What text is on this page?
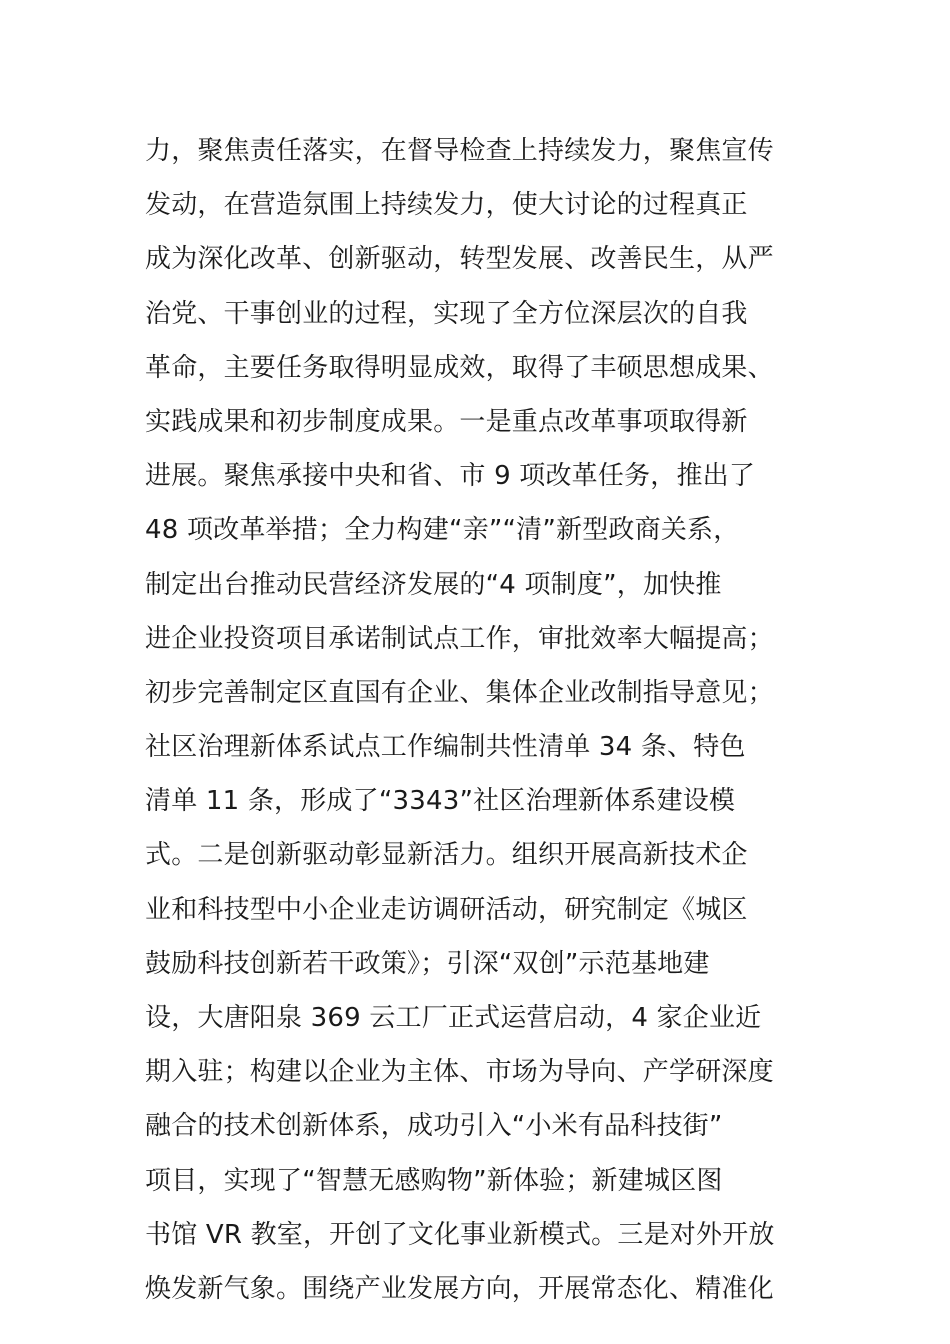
力，聚焦责任落实，在督导检查上持续发力，聚焦宣传
发动，在营造氛围上持续发力，使大讨论的过程真正
成为深化改革、创新驱动，转型发展、改善民生，从严
治党、干事创业的过程，实现了全方位深层次的自我
革命，主要任务取得明显成效，取得了丰硕思想成果、
实践成果和初步制度成果。一是重点改革事项取得新
进展。聚焦承接中央和省、市 9 项改革任务，推出了
48 项改革举措；全力构建“亲”“清”新型政商关系，
制定出台推动民营经济发展的“4 项制度”，加快推
进企业投资项目承诺制试点工作，审批效率大幅提高；
初步完善制定区直国有企业、集体企业改制指导意见；
社区治理新体系试点工作编制共性清单 34 条、特色
清单 11 条，形成了“3343”社区治理新体系建设模
式。二是创新驱动彰显新活力。组织开展高新技术企
业和科技型中小企业走访调研活动，研究制定《城区
鼓励科技创新若干政策》；引深“双创”示范基地建
设，大唐阳泉 369 云工厂正式运营启动，4 家企业近
期入驻；构建以企业为主体、市场为导向、产学研深度
融合的技术创新体系，成功引入“小米有品科技街”
项目，实现了“智慧无感购物”新体验；新建城区图
书馆 VR 教室，开创了文化事业新模式。三是对外开放
焕发新气象。围绕产业发展方向，开展常态化、精准化
